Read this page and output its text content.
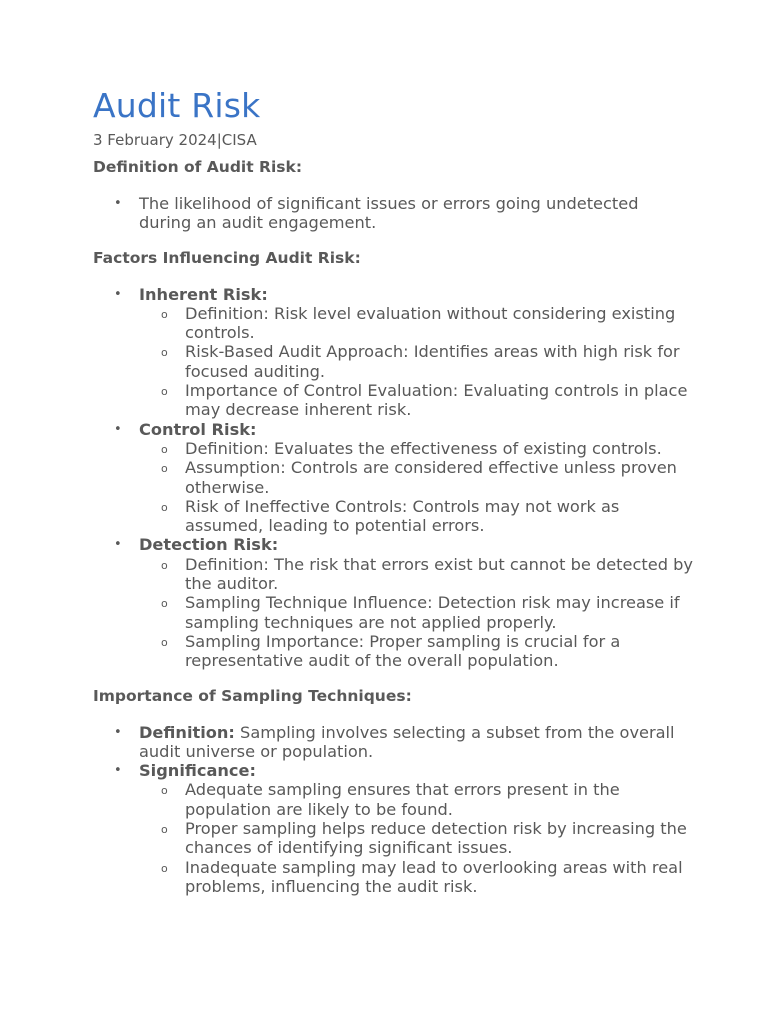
Audit Risk
3 February 2024|CISA

Definition of Audit Risk:

• The likelihood of significant issues or errors going undetected during an audit engagement.

Factors Influencing Audit Risk:

• Inherent Risk:
o Definition: Risk level evaluation without considering existing controls.
o Risk-Based Audit Approach: Identifies areas with high risk for focused auditing.
o Importance of Control Evaluation: Evaluating controls in place may decrease inherent risk.
• Control Risk:
o Definition: Evaluates the effectiveness of existing controls.
o Assumption: Controls are considered effective unless proven otherwise.
o Risk of Ineffective Controls: Controls may not work as assumed, leading to potential errors.
• Detection Risk:
o Definition: The risk that errors exist but cannot be detected by the auditor.
o Sampling Technique Influence: Detection risk may increase if sampling techniques are not applied properly.
o Sampling Importance: Proper sampling is crucial for a representative audit of the overall population.

Importance of Sampling Techniques:

• Definition: Sampling involves selecting a subset from the overall audit universe or population.
• Significance:
o Adequate sampling ensures that errors present in the population are likely to be found.
o Proper sampling helps reduce detection risk by increasing the chances of identifying significant issues.
o Inadequate sampling may lead to overlooking areas with real problems, influencing the audit risk.
